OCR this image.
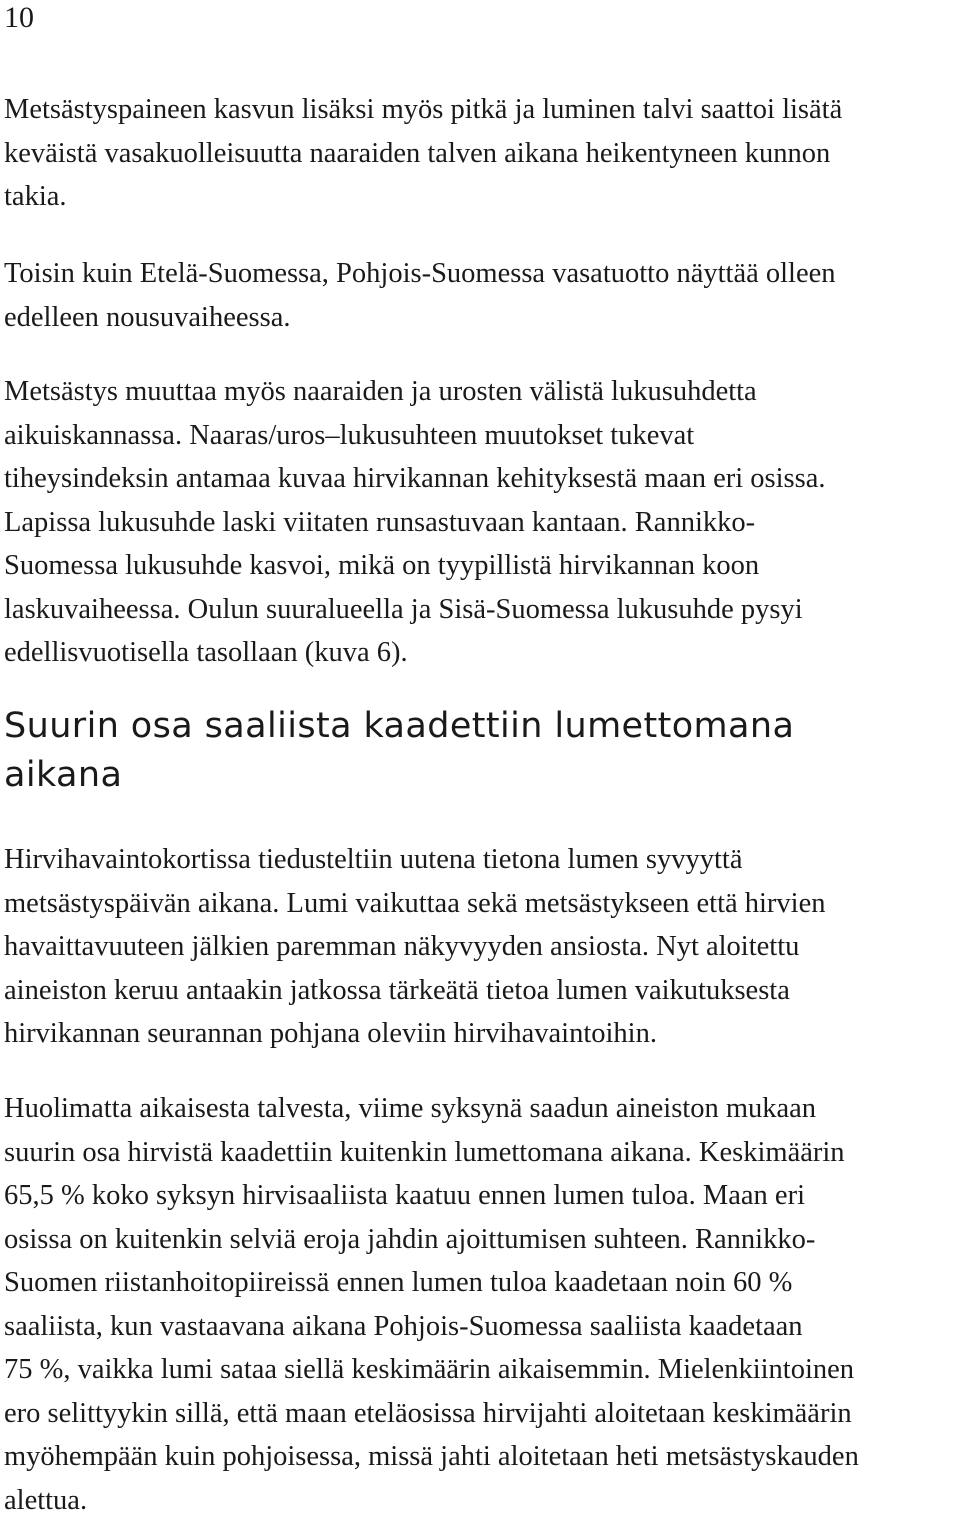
10

Metsästyspaineen kasvun lisäksi myös pitkä ja luminen talvi saattoi lisätä
keväistä vasakuolleisuutta naaraiden talven aikana heikentyneen kunnon
takia.

Toisin kuin Etelä-Suomessa, Pohjois-Suomessa vasatuotto näyttää olleen
edelleen nousuvaiheessa.

Metsästys muuttaa myös naaraiden ja urosten välistä lukusuhdetta
aikuiskannassa. Naaras/uros–lukusuhteen muutokset tukevat
tiheysindeksin antamaa kuvaa hirvikannan kehityksestä maan eri osissa.
Lapissa lukusuhde laski viitaten runsastuvaan kantaan. Rannikko-
Suomessa lukusuhde kasvoi, mikä on tyypillistä hirvikannan koon
laskuvaiheessa. Oulun suuralueella ja Sisä-Suomessa lukusuhde pysyi
edellisvuotisella tasollaan (kuva 6).

Suurin osa saaliista kaadettiin lumettomana
aikana

Hirvihavaintokortissa tiedusteltiin uutena tietona lumen syvyyttä
metsästyspäivän aikana. Lumi vaikuttaa sekä metsästykseen että hirvien
havaittavuuteen jälkien paremman näkyvyyden ansiosta. Nyt aloitettu
aineiston keruu antaakin jatkossa tärkeätä tietoa lumen vaikutuksesta
hirvikannan seurannan pohjana oleviin hirvihavaintoihin.

Huolimatta aikaisesta talvesta, viime syksynä saadun aineiston mukaan
suurin osa hirvistä kaadettiin kuitenkin lumettomana aikana. Keskimäärin
65,5 % koko syksyn hirvisaaliista kaatuu ennen lumen tuloa. Maan eri
osissa on kuitenkin selviä eroja jahdin ajoittumisen suhteen. Rannikko-
Suomen riistanhoitopiireissä ennen lumen tuloa kaadetaan noin 60 %
saaliista, kun vastaavana aikana Pohjois-Suomessa saaliista kaadetaan
75 %, vaikka lumi sataa siellä keskimäärin aikaisemmin. Mielenkiintoinen
ero selittyykin sillä, että maan eteläosissa hirvijahti aloitetaan keskimäärin
myöhempään kuin pohjoisessa, missä jahti aloitetaan heti metsästyskauden
alettua.
